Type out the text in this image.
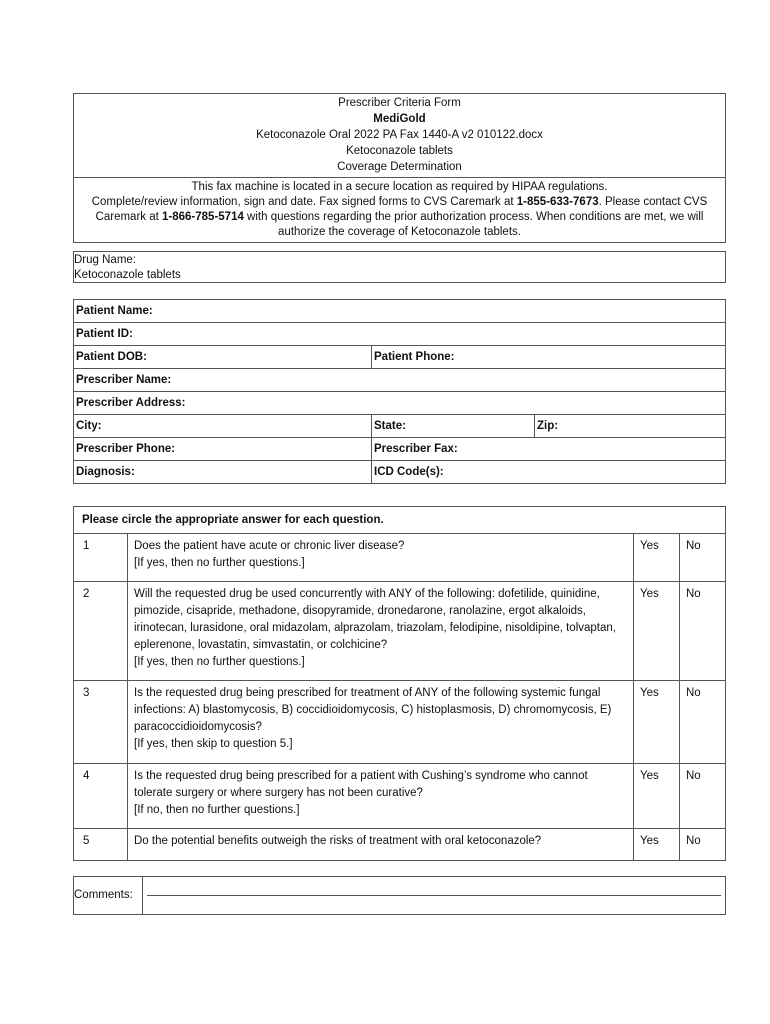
Prescriber Criteria Form
MediGold
Ketoconazole Oral 2022 PA Fax 1440-A v2 010122.docx
Ketoconazole tablets
Coverage Determination
This fax machine is located in a secure location as required by HIPAA regulations.
Complete/review information, sign and date. Fax signed forms to CVS Caremark at 1-855-633-7673. Please contact CVS Caremark at 1-866-785-5714 with questions regarding the prior authorization process. When conditions are met, we will authorize the coverage of Ketoconazole tablets.
Drug Name:
Ketoconazole tablets
Patient Name:		
Patient ID:		
Patient DOB:	Patient Phone:	
Prescriber Name:		
Prescriber Address:		
City:	State:	Zip:
Prescriber Phone:	Prescriber Fax:	
Diagnosis:	ICD Code(s):	
Please circle the appropriate answer for each question.			
1	Does the patient have acute or chronic liver disease?
[If yes, then no further questions.]	Yes	No
2	Will the requested drug be used concurrently with ANY of the following: dofetilide, quinidine, pimozide, cisapride, methadone, disopyramide, dronedarone, ranolazine, ergot alkaloids, irinotecan, lurasidone, oral midazolam, alprazolam, triazolam, felodipine, nisoldipine, tolvaptan, eplerenone, lovastatin, simvastatin, or colchicine?
[If yes, then no further questions.]	Yes	No
3	Is the requested drug being prescribed for treatment of ANY of the following systemic fungal infections: A) blastomycosis, B) coccidioidomycosis, C) histoplasmosis, D) chromomycosis, E) paracoccidioidomycosis?
[If yes, then skip to question 5.]	Yes	No
4	Is the requested drug being prescribed for a patient with Cushing’s syndrome who cannot tolerate surgery or where surgery has not been curative?
[If no, then no further questions.]	Yes	No
5	Do the potential benefits outweigh the risks of treatment with oral ketoconazole?	Yes	No
Comments:
